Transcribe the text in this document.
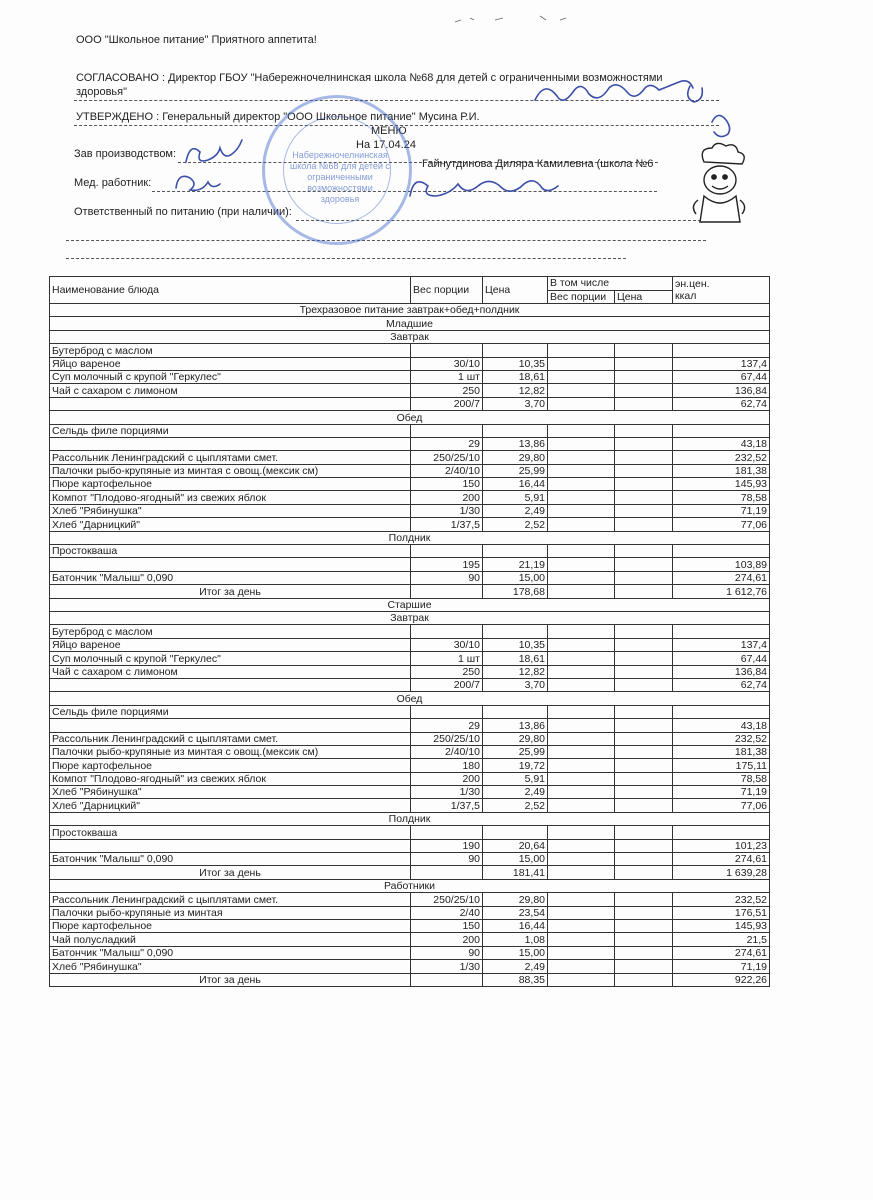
ООО "Школьное питание" Приятного аппетита!
СОГЛАСОВАНО : Директор ГБОУ "Набережночелнинская школа №68 для детей с ограниченными возможностями
здоровья"
УТВЕРЖДЕНО : Генеральный директор "ООО Школьное питание" Мусина Р.И.
МЕНЮ
На 17.04.24
Зав производством:
Гайнутдинова Диляра Камилевна (школа №6
Мед. работник:
Ответственный по питанию (при наличии):
Набережночелнинская школа №68 для детей с ограниченными возможностями здоровья
Наименование блюда	Вес порции	Цена	В том числе		эн.цен.
ккал
			Вес порции	Цена	
Трехразовое питание завтрак+обед+полдник					
Младшие					
Завтрак					
Бутерброд с маслом					
Яйцо вареное	30/10	10,35			137,4
Суп молочный с крупой "Геркулес"	1 шт	18,61			67,44
Чай с сахаром с лимоном	250	12,82			136,84
	200/7	3,70			62,74
Обед					
Сельдь филе порциями					
	29	13,86			43,18
Рассольник Ленинградский с цыплятами смет.	250/25/10	29,80			232,52
Палочки рыбо-крупяные из минтая с овощ.(мексик см)	2/40/10	25,99			181,38
Пюре картофельное	150	16,44			145,93
Компот "Плодово-ягодный" из свежих яблок	200	5,91			78,58
Хлеб "Рябинушка"	1/30	2,49			71,19
Хлеб "Дарницкий"	1/37,5	2,52			77,06
Полдник					
Простокваша					
	195	21,19			103,89
Батончик "Малыш" 0,090	90	15,00			274,61
Итог за день		178,68			1 612,76
Старшие					
Завтрак					
Бутерброд с маслом					
Яйцо вареное	30/10	10,35			137,4
Суп молочный с крупой "Геркулес"	1 шт	18,61			67,44
Чай с сахаром с лимоном	250	12,82			136,84
	200/7	3,70			62,74
Обед					
Сельдь филе порциями					
	29	13,86			43,18
Рассольник Ленинградский с цыплятами смет.	250/25/10	29,80			232,52
Палочки рыбо-крупяные из минтая с овощ.(мексик см)	2/40/10	25,99			181,38
Пюре картофельное	180	19,72			175,11
Компот "Плодово-ягодный" из свежих яблок	200	5,91			78,58
Хлеб "Рябинушка"	1/30	2,49			71,19
Хлеб "Дарницкий"	1/37,5	2,52			77,06
Полдник					
Простокваша					
	190	20,64			101,23
Батончик "Малыш" 0,090	90	15,00			274,61
Итог за день		181,41			1 639,28
Работники					
Рассольник Ленинградский с цыплятами смет.	250/25/10	29,80			232,52
Палочки рыбо-крупяные из минтая	2/40	23,54			176,51
Пюре картофельное	150	16,44			145,93
Чай полусладкий	200	1,08			21,5
Батончик "Малыш" 0,090	90	15,00			274,61
Хлеб "Рябинушка"	1/30	2,49			71,19
Итог за день		88,35			922,26
